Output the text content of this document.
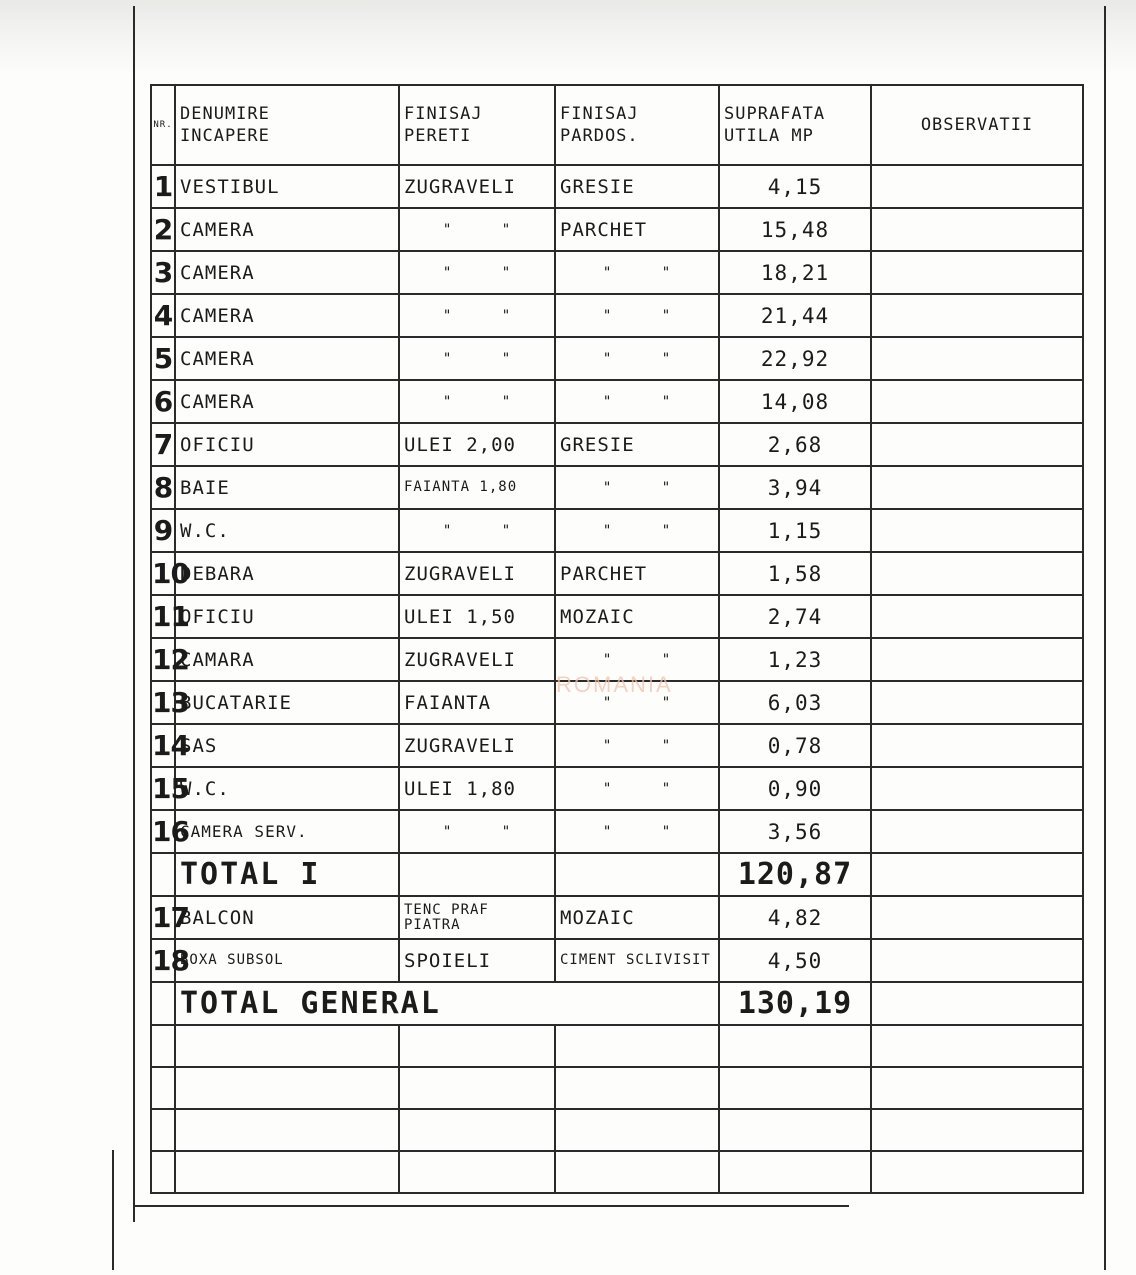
NR.	DENUMIRE INCAPERE	FINISAJ PERETI	FINISAJ PARDOS.	SUPRAFATA UTILA MP	OBSERVATII
1	VESTIBUL	ZUGRAVELI	GRESIE	4,15	
2	CAMERA	" "	PARCHET	15,48	
3	CAMERA	" "	" "	18,21	
4	CAMERA	" "	" "	21,44	
5	CAMERA	" "	" "	22,92	
6	CAMERA	" "	" "	14,08	
7	OFICIU	ULEI 2,00	GRESIE	2,68	
8	BAIE	FAIANTA 1,80	" "	3,94	
9	W.C.	" "	" "	1,15	
10	DEBARA	ZUGRAVELI	PARCHET	1,58	
11	OFICIU	ULEI 1,50	MOZAIC	2,74	
12	CAMARA	ZUGRAVELI	" "	1,23	
13	BUCATARIE	FAIANTA	" "	6,03	
14	SAS	ZUGRAVELI	" "	0,78	
15	W.C.	ULEI 1,80	" "	0,90	
16	CAMERA SERV.	" "	" "	3,56	
	TOTAL I			120,87	
17	BALCON	TENC PRAF PIATRA	MOZAIC	4,82	
18	BOXA SUBSOL	SPOIELI	CIMENT SCLIVISIT	4,50	
	TOTAL GENERAL			130,19	

ROMANIA
